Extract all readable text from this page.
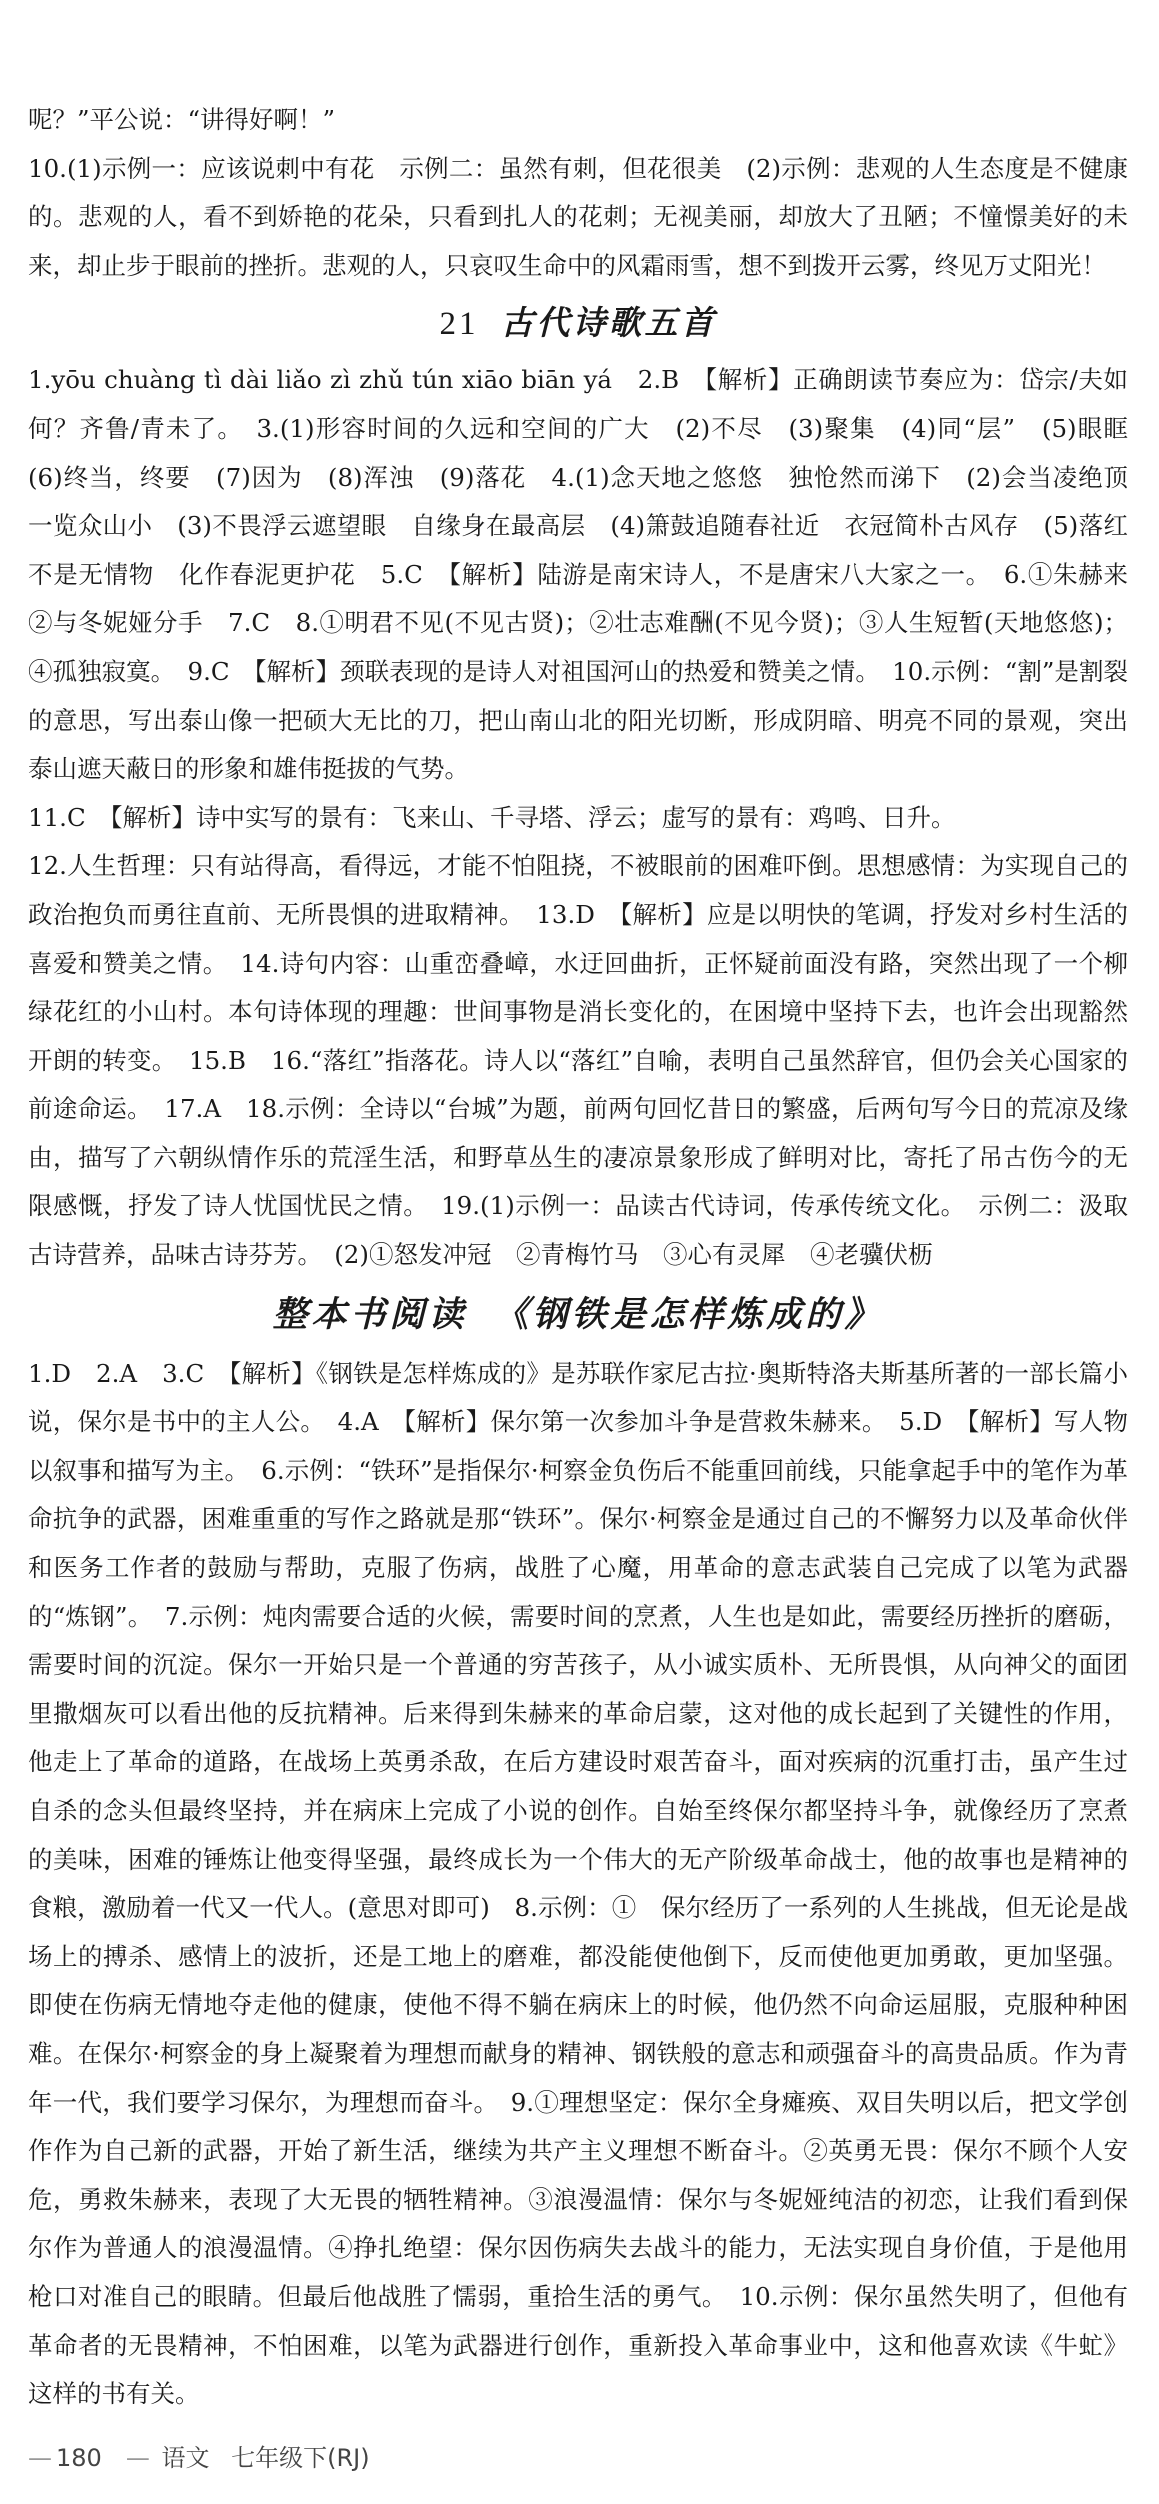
呢？”平公说：“讲得好啊！”

10.(1)示例一：应该说刺中有花　示例二：虽然有刺，但花很美　(2)示例：悲观的人生态度是不健康的。悲观的人，看不到娇艳的花朵，只看到扎人的花刺；无视美丽，却放大了丑陋；不憧憬美好的未来，却止步于眼前的挫折。悲观的人，只哀叹生命中的风霜雨雪，想不到拨开云雾，终见万丈阳光！

21 古代诗歌五首

1.yōu chuàng tì dài liǎo zì zhǔ tún xiāo biān yá　2.B　【解析】正确朗读节奏应为：岱宗/夫如何？齐鲁/青未了。　3.(1)形容时间的久远和空间的广大　(2)不尽　(3)聚集　(4)同“层”　(5)眼眶　(6)终当，终要　(7)因为　(8)浑浊　(9)落花　4.(1)念天地之悠悠　独怆然而涕下　(2)会当凌绝顶　一览众山小　(3)不畏浮云遮望眼　自缘身在最高层　(4)箫鼓追随春社近　衣冠简朴古风存　(5)落红不是无情物　化作春泥更护花　5.C　【解析】陆游是南宋诗人，不是唐宋八大家之一。　6.①朱赫来　②与冬妮娅分手　7.C　8.①明君不见(不见古贤)；②壮志难酬(不见今贤)；③人生短暂(天地悠悠)；④孤独寂寞。　9.C　【解析】颈联表现的是诗人对祖国河山的热爱和赞美之情。　10.示例：“割”是割裂的意思，写出泰山像一把硕大无比的刀，把山南山北的阳光切断，形成阴暗、明亮不同的景观，突出泰山遮天蔽日的形象和雄伟挺拔的气势。

11.C　【解析】诗中实写的景有：飞来山、千寻塔、浮云；虚写的景有：鸡鸣、日升。

12.人生哲理：只有站得高，看得远，才能不怕阻挠，不被眼前的困难吓倒。思想感情：为实现自己的政治抱负而勇往直前、无所畏惧的进取精神。　13.D　【解析】应是以明快的笔调，抒发对乡村生活的喜爱和赞美之情。　14.诗句内容：山重峦叠嶂，水迂回曲折，正怀疑前面没有路，突然出现了一个柳绿花红的小山村。本句诗体现的理趣：世间事物是消长变化的，在困境中坚持下去，也许会出现豁然开朗的转变。　15.B　16.“落红”指落花。诗人以“落红”自喻，表明自己虽然辞官，但仍会关心国家的前途命运。　17.A　18.示例：全诗以“台城”为题，前两句回忆昔日的繁盛，后两句写今日的荒凉及缘由，描写了六朝纵情作乐的荒淫生活，和野草丛生的凄凉景象形成了鲜明对比，寄托了吊古伤今的无限感慨，抒发了诗人忧国忧民之情。　19.(1)示例一：品读古代诗词，传承传统文化。　示例二：汲取古诗营养，品味古诗芬芳。　(2)①怒发冲冠　②青梅竹马　③心有灵犀　④老骥伏枥

整本书阅读 《钢铁是怎样炼成的》

1.D　2.A　3.C　【解析】《钢铁是怎样炼成的》是苏联作家尼古拉·奥斯特洛夫斯基所著的一部长篇小说，保尔是书中的主人公。　4.A　【解析】保尔第一次参加斗争是营救朱赫来。　5.D　【解析】写人物以叙事和描写为主。　6.示例：“铁环”是指保尔·柯察金负伤后不能重回前线，只能拿起手中的笔作为革命抗争的武器，困难重重的写作之路就是那“铁环”。保尔·柯察金是通过自己的不懈努力以及革命伙伴和医务工作者的鼓励与帮助，克服了伤病，战胜了心魔，用革命的意志武装自己完成了以笔为武器的“炼钢”。　7.示例：炖肉需要合适的火候，需要时间的烹煮，人生也是如此，需要经历挫折的磨砺，需要时间的沉淀。保尔一开始只是一个普通的穷苦孩子，从小诚实质朴、无所畏惧，从向神父的面团里撒烟灰可以看出他的反抗精神。后来得到朱赫来的革命启蒙，这对他的成长起到了关键性的作用，他走上了革命的道路，在战场上英勇杀敌，在后方建设时艰苦奋斗，面对疾病的沉重打击，虽产生过自杀的念头但最终坚持，并在病床上完成了小说的创作。自始至终保尔都坚持斗争，就像经历了烹煮的美味，困难的锤炼让他变得坚强，最终成长为一个伟大的无产阶级革命战士，他的故事也是精神的食粮，激励着一代又一代人。(意思对即可)　8.示例：①　保尔经历了一系列的人生挑战，但无论是战场上的搏杀、感情上的波折，还是工地上的磨难，都没能使他倒下，反而使他更加勇敢，更加坚强。即使在伤病无情地夺走他的健康，使他不得不躺在病床上的时候，他仍然不向命运屈服，克服种种困难。在保尔·柯察金的身上凝聚着为理想而献身的精神、钢铁般的意志和顽强奋斗的高贵品质。作为青年一代，我们要学习保尔，为理想而奋斗。　9.①理想坚定：保尔全身瘫痪、双目失明以后，把文学创作作为自己新的武器，开始了新生活，继续为共产主义理想不断奋斗。②英勇无畏：保尔不顾个人安危，勇救朱赫来，表现了大无畏的牺牲精神。③浪漫温情：保尔与冬妮娅纯洁的初恋，让我们看到保尔作为普通人的浪漫温情。④挣扎绝望：保尔因伤病失去战斗的能力，无法实现自身价值，于是他用枪口对准自己的眼睛。但最后他战胜了懦弱，重拾生活的勇气。　10.示例：保尔虽然失明了，但他有革命者的无畏精神，不怕困难，以笔为武器进行创作，重新投入革命事业中，这和他喜欢读《牛虻》这样的书有关。

— 180 — 语文 七年级下(RJ)
